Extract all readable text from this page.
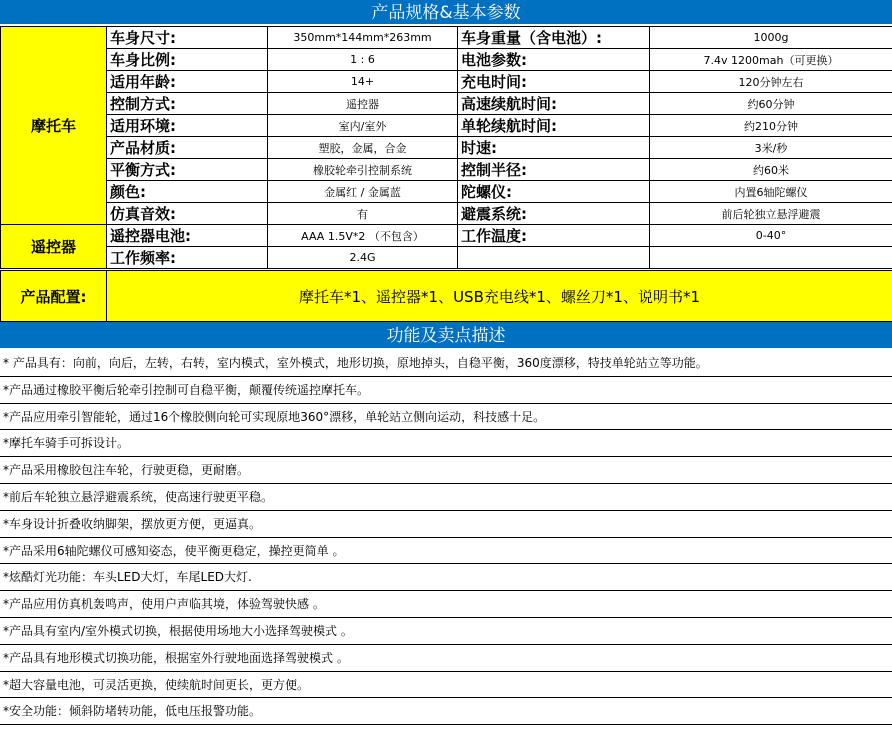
产品规格&基本参数
摩托车	车身尺寸:	350mm*144mm*263mm	车身重量（含电池）:	1000g
	车身比例:	1 : 6	电池参数:	7.4v 1200mah（可更换）
	适用年龄:	14+	充电时间:	120分钟左右
	控制方式:	遥控器	高速续航时间:	约60分钟
	适用环境:	室内/室外	单轮续航时间:	约210分钟
	产品材质:	塑胶，金属，合金	时速:	3米/秒
	平衡方式:	橡胶轮牵引控制系统	控制半径:	约60米
	颜色:	金属红 / 金属蓝	陀螺仪:	内置6轴陀螺仪
	仿真音效:	有	避震系统:	前后轮独立悬浮避震
遥控器	遥控器电池:	AAA 1.5V*2 （不包含）	工作温度:	0-40°
	工作频率:	2.4G		
产品配置:	摩托车*1、遥控器*1、USB充电线*1、螺丝刀*1、说明书*1
功能及卖点描述
* 产品具有：向前，向后，左转，右转，室内模式，室外模式，地形切换，原地掉头，自稳平衡，360度漂移，特技单轮站立等功能。
*产品通过橡胶平衡后轮牵引控制可自稳平衡，颠覆传统遥控摩托车。
*产品应用牵引智能轮，通过16个橡胶侧向轮可实现原地360°漂移，单轮站立侧向运动，科技感十足。
*摩托车骑手可拆设计。
*产品采用橡胶包注车轮，行驶更稳，更耐磨。
*前后车轮独立悬浮避震系统，使高速行驶更平稳。
*车身设计折叠收纳脚架，摆放更方便，更逼真。
*产品采用6轴陀螺仪可感知姿态，使平衡更稳定，操控更简单 。
*炫酷灯光功能：车头LED大灯，车尾LED大灯.
*产品应用仿真机轰鸣声，使用户声临其境，体验驾驶快感 。
*产品具有室内/室外模式切换，根据使用场地大小选择驾驶模式 。
*产品具有地形模式切换功能，根据室外行驶地面选择驾驶模式 。
*超大容量电池，可灵活更换，使续航时间更长，更方便。
*安全功能：倾斜防堵转功能，低电压报警功能。
